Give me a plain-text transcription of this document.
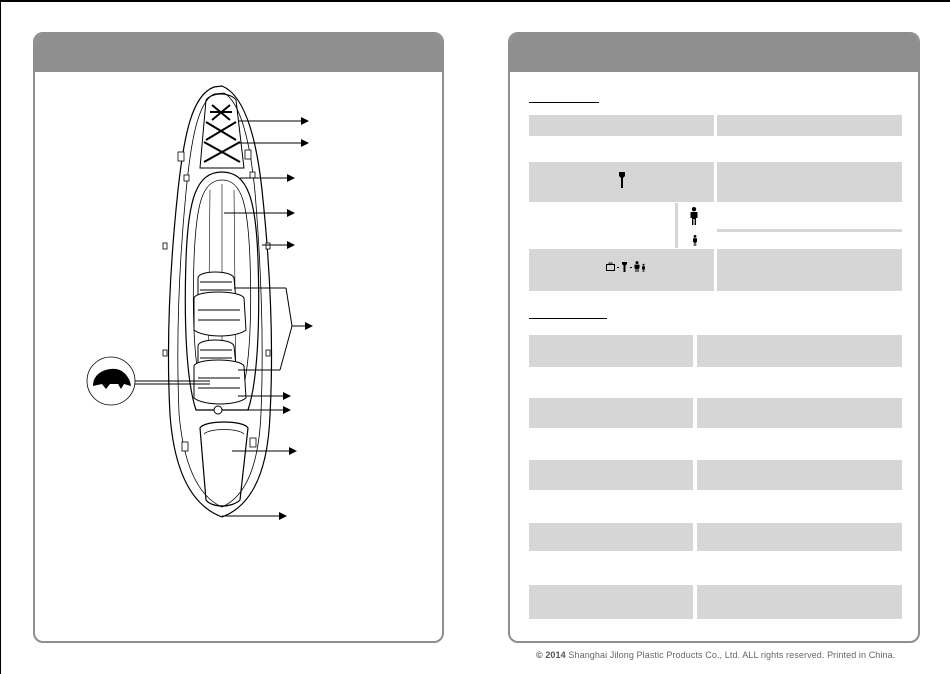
© 2014 Shanghai Jilong Plastic Products Co., Ltd. ALL rights reserved. Printed in China.
